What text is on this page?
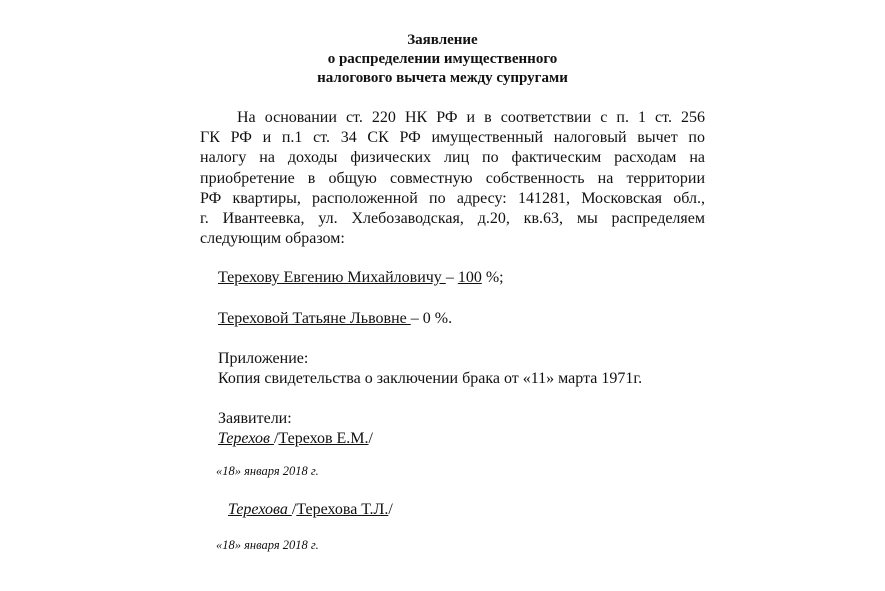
Заявление
о распределении имущественного
налогового вычета между супругами
На основании ст. 220 НК РФ и в соответствии с п. 1 ст. 256
ГК РФ и п.1 ст. 34 СК РФ имущественный налоговый вычет по
налогу на доходы физических лиц по фактическим расходам на
приобретение в общую совместную собственность на территории
РФ квартиры, расположенной по адресу: 141281, Московская обл.,
г. Ивантеевка, ул. Хлебозаводская, д.20, кв.63, мы распределяем
следующим образом:
Терехову Евгению Михайловичу – 100 %;
Тереховой Татьяне Львовне – 0 %.
Приложение:
Копия свидетельства о заключении брака от «11» марта 1971г.
Заявители:
Терехов /Терехов Е.М./
«18» января 2018 г.
Терехова /Терехова Т.Л./
«18» января 2018 г.
